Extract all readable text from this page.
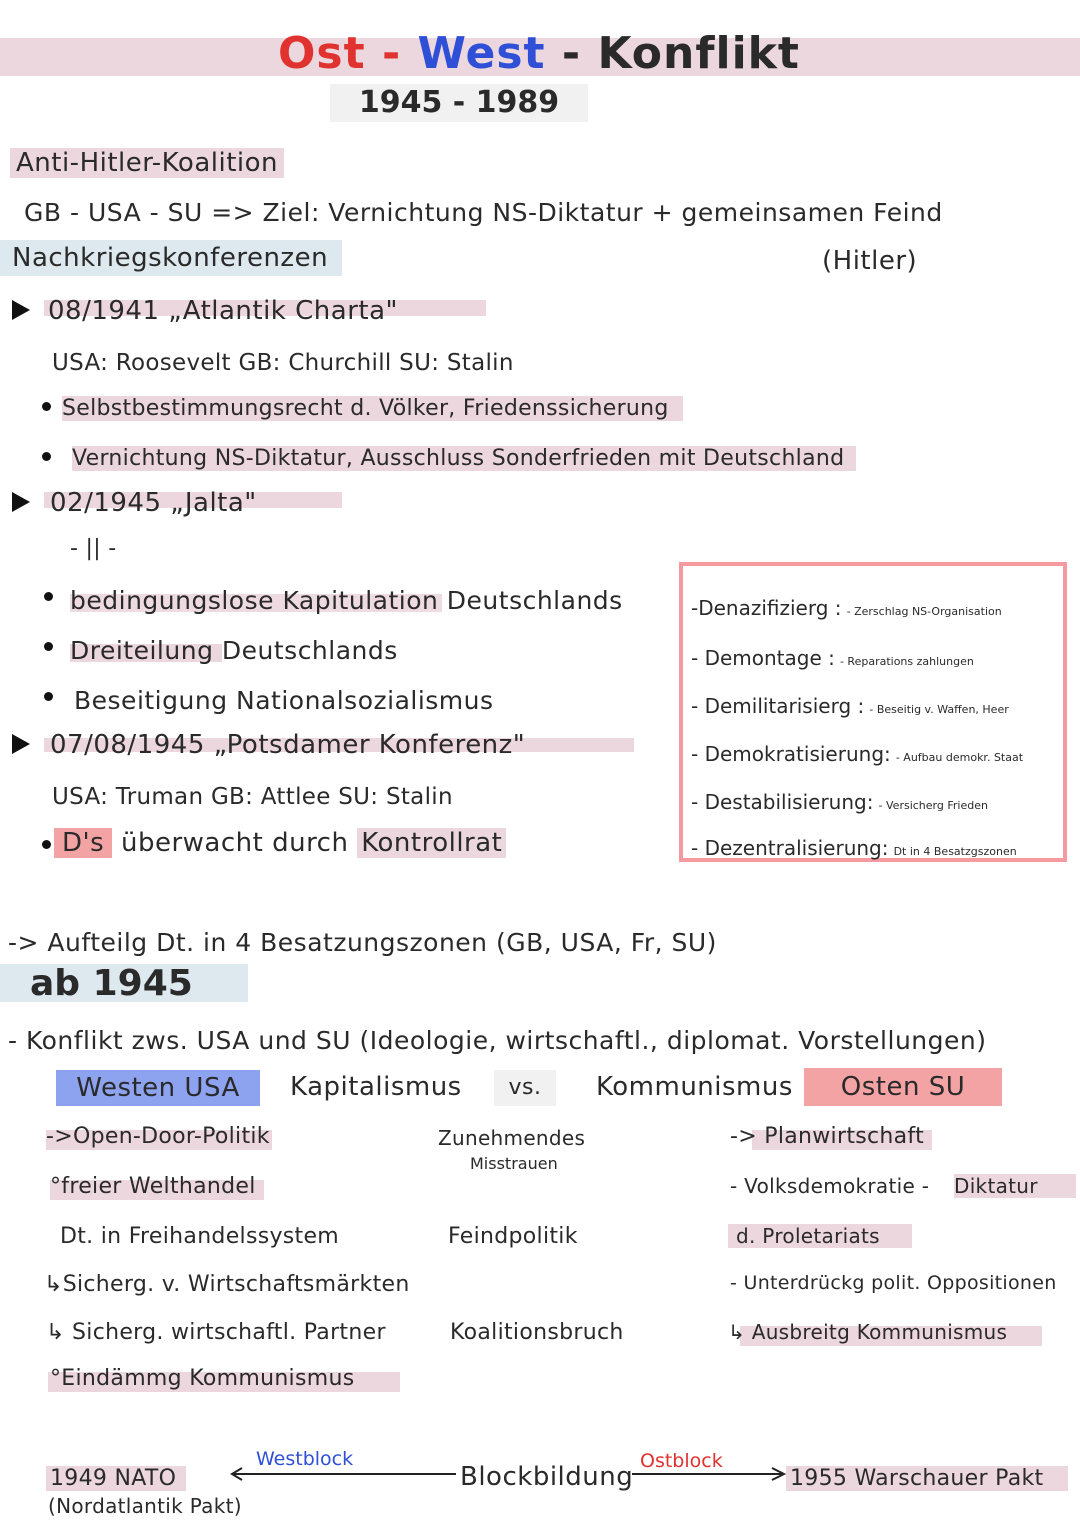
Ost - West - Konflikt
1945 - 1989
Anti-Hitler-Koalition
GB - USA - SU => Ziel: Vernichtung NS-Diktatur + gemeinsamen Feind
(Hitler)
Nachkriegskonferenzen
08/1941 „Atlantik Charta"
USA: Roosevelt GB: Churchill SU: Stalin
Selbstbestimmungsrecht d. Völker, Friedenssicherung
Vernichtung NS-Diktatur, Ausschluss Sonderfrieden mit Deutschland
02/1945 „Jalta"
- || -
bedingungslose Kapitulation Deutschlands
Dreiteilung Deutschlands
Beseitigung Nationalsozialismus
07/08/1945 „Potsdamer Konferenz"
USA: Truman GB: Attlee SU: Stalin
D's überwacht durch Kontrollrat
-Denazifizierg : - Zerschlag NS-Organisation
- Demontage : - Reparations zahlungen
- Demilitarisierg : - Beseitig v. Waffen, Heer
- Demokratisierung: - Aufbau demokr. Staat
- Destabilisierung: - Versicherg Frieden
- Dezentralisierung: Dt in 4 Besatzgszonen
-> Aufteilg Dt. in 4 Besatzungszonen (GB, USA, Fr, SU)
ab 1945
- Konflikt zws. USA und SU (Ideologie, wirtschaftl., diplomat. Vorstellungen)
Westen USA	Kapitalismus	vs.	Kommunismus	Osten SU
->Open-Door-Politik
°freier Welthandel
Dt. in Freihandelssystem
↳Sicherg. v. Wirtschaftsmärkten
↳ Sicherg. wirtschaftl. Partner
°Eindämmg Kommunismus
Zunehmendes
Misstrauen
Feindpolitik
Koalitionsbruch
-> Planwirtschaft
- Volksdemokratie - Diktatur
d. Proletariats
- Unterdrückg polit. Oppositionen
↳ Ausbreitg Kommunismus
1949 NATO
(Nordatlantik Pakt)
Westblock
Blockbildung
Ostblock
1955 Warschauer Pakt
